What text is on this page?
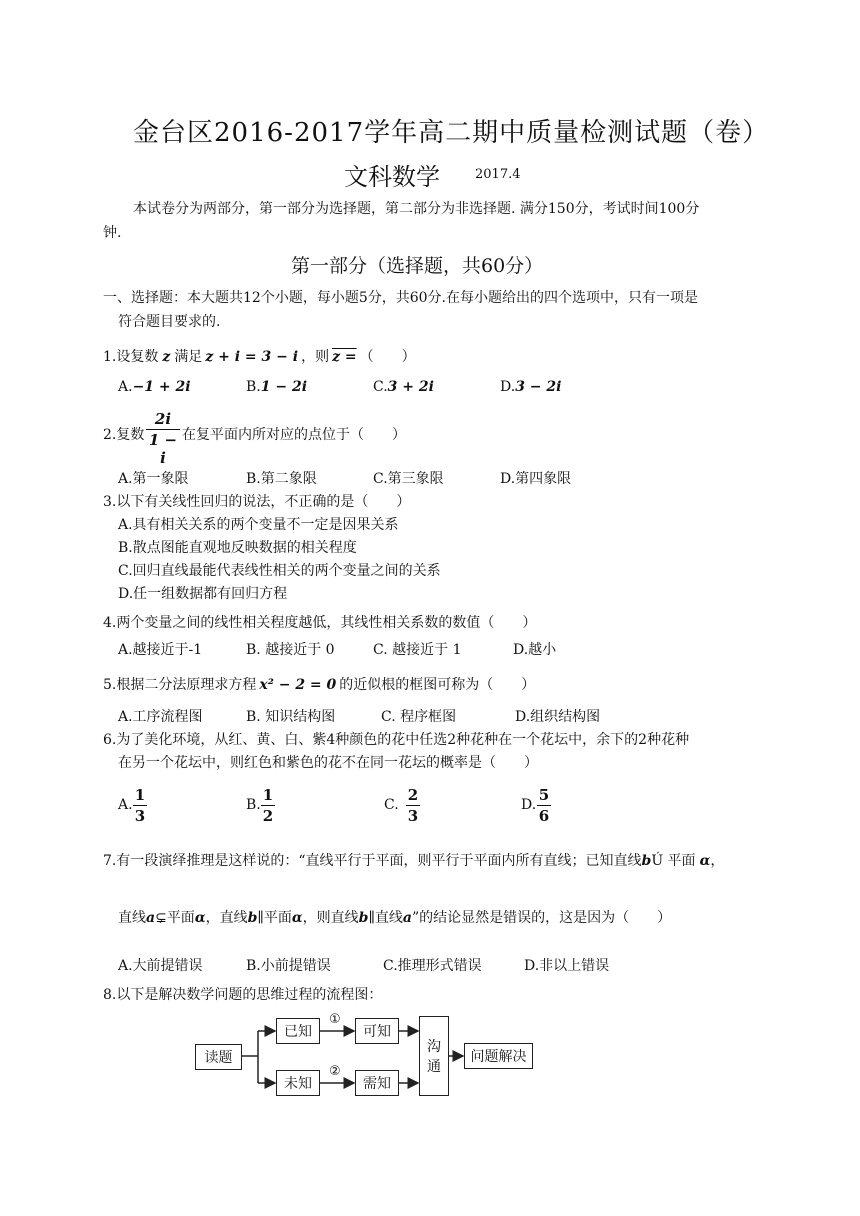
金台区2016-2017学年高二期中质量检测试题（卷）
文科数学	2017.4
本试卷分为两部分，第一部分为选择题，第二部分为非选择题. 满分150分，考试时间100分
钟.
第一部分（选择题，共60分）
一、选择题：本大题共12个小题，每小题5分，共60分.在每小题给出的四个选项中，只有一项是
符合题目要求的.
1.设复数 z 满足 z + i = 3 − i ，则 z = （　　）
A.−1 + 2i	B.1 − 2i	C.3 + 2i	D.3 − 2i
2.复数
2i
1 − i
在复平面内所对应的点位于（　　）
A.第一象限	B.第二象限	C.第三象限	D.第四象限
3.以下有关线性回归的说法，不正确的是（　　）
A.具有相关关系的两个变量不一定是因果关系
B.散点图能直观地反映数据的相关程度
C.回归直线最能代表线性相关的两个变量之间的关系
D.任一组数据都有回归方程
4.两个变量之间的线性相关程度越低，其线性相关系数的数值（　　）
A.越接近于-1	B. 越接近于 0	C. 越接近于 1	D.越小
5.根据二分法原理求方程 x² − 2 = 0 的近似根的框图可称为（　　）
A.工序流程图	B. 知识结构图	C. 程序框图	D.组织结构图
6.为了美化环境，从红、黄、白、紫4种颜色的花中任选2种花种在一个花坛中，余下的2种花种
在另一个花坛中，则红色和紫色的花不在同一花坛的概率是（　　）
A.
1
3
B.
1
2
C.
2
3
D.
5
6
7.有一段演绎推理是这样说的：“直线平行于平面，则平行于平面内所有直线；已知直线bÚ 平面 α，
直线a⊊平面α，直线b∥平面α，则直线b∥直线a”的结论显然是错误的，这是因为（　　）
A.大前提错误	B.小前提错误	C.推理形式错误	D.非以上错误
8.以下是解决数学问题的思维过程的流程图：
读题
已知
未知
①
②
可知
需知
沟
通
问题解决
